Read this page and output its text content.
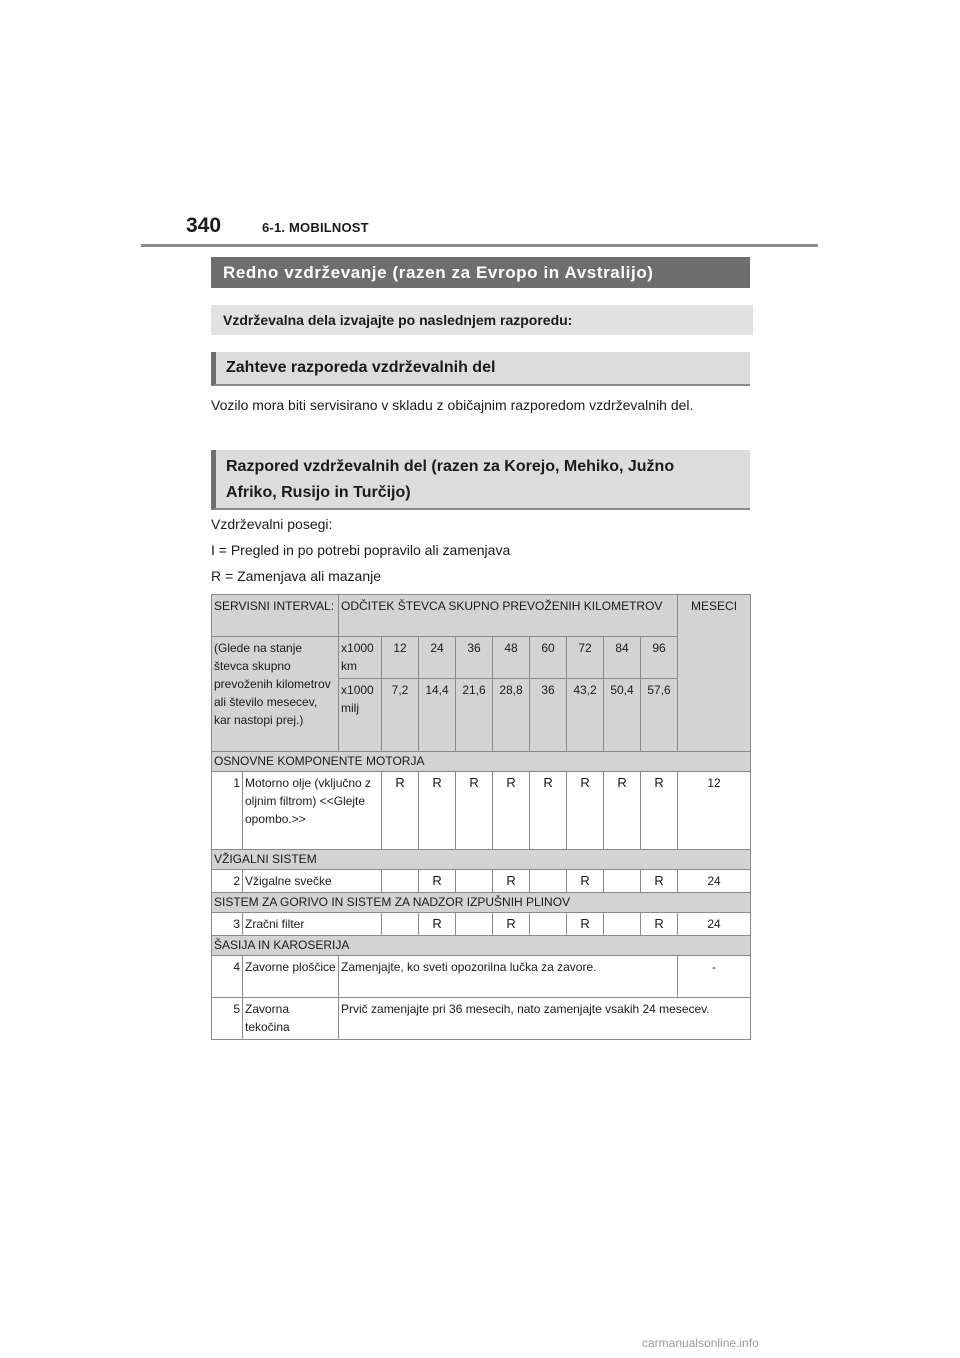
340	6-1. MOBILNOST
Redno vzdrževanje (razen za Evropo in Avstralijo)
Vzdrževalna dela izvajajte po naslednjem razporedu:
Zahteve razporeda vzdrževalnih del
Vozilo mora biti servisirano v skladu z običajnim razporedom vzdrževalnih del.
Razpored vzdrževalnih del (razen za Korejo, Mehiko, Južno
Afriko, Rusijo in Turčijo)
Vzdrževalni posegi:
I = Pregled in po potrebi popravilo ali zamenjava
R = Zamenjava ali mazanje
SERVISNI INTERVAL:		ODČITEK ŠTEVCA SKUPNO PREVOŽENIH KILOMETROV									MESECI
(Glede na stanje števca skupno prevoženih kilometrov ali število mesecev, kar nastopi prej.)		x1000 km	12	24	36	48	60	72	84	96	
		x1000 milj	7,2	14,4	21,6	28,8	36	43,2	50,4	57,6	
OSNOVNE KOMPONENTE MOTORJA											
1	Motorno olje (vključno z oljnim filtrom) <<Glejte opombo.>>		R	R	R	R	R	R	R	R	12
VŽIGALNI SISTEM											
2	Vžigalne svečke			R		R		R		R	24
SISTEM ZA GORIVO IN SISTEM ZA NADZOR IZPUŠNIH PLINOV											
3	Zračni filter			R		R		R		R	24
ŠASIJA IN KAROSERIJA											
4	Zavorne ploščice	Zamenjajte, ko sveti opozorilna lučka za zavore.									-
5	Zavorna tekočina	Prvič zamenjajte pri 36 mesecih, nato zamenjajte vsakih 24 mesecev.									
carmanualsonline.info
